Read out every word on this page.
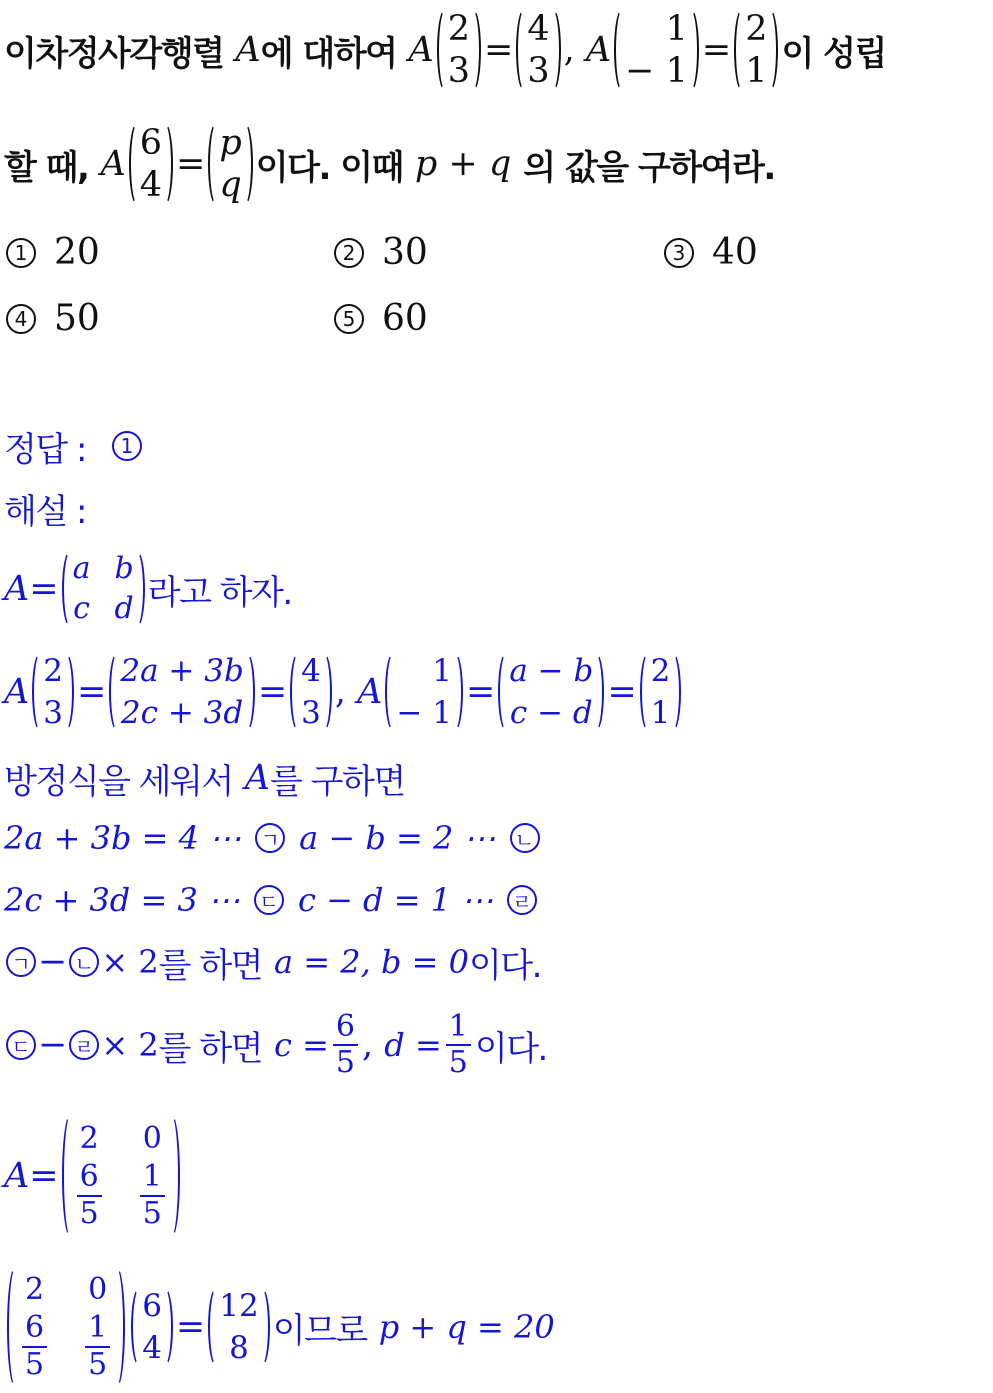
이차정사각행렬 A 에 대하여 A
2
3
=
4
3
, A
1
− 1
=
2
1 이 성립
할 때, A
6
4
=
p
q 이다. 이때 p + q 의 값을 구하여라.
1 20	2 30	3 40
4 50	5 60
정답 :	1
해설 :
A =
a b
c d 라고 하자.
A
2
3
=
2a + 3b
2c + 3d
=
4
3
, A
1
− 1
=
a − b
c − d
=
2
1
방정식을 세워서 A 를 구하면
2a + 3b = 4 ⋯ ㄱ a − b = 2 ⋯ ㄴ
2c + 3d = 3 ⋯ ㄷ c − d = 1 ⋯ ㄹ
ㄱ − ㄴ × 2 를 하면 a = 2, b = 0 이다.
ㄷ − ㄹ × 2 를 하면 $c = \frac{6}{5}$ , $d = \frac{1}{5}$ 이다.
A =
2 0
$\frac{6}{5} \frac{1}{5}$
2 0
$\frac{6}{5} \frac{1}{5}$
6
4
=
12
8 이므로 p + q = 20
